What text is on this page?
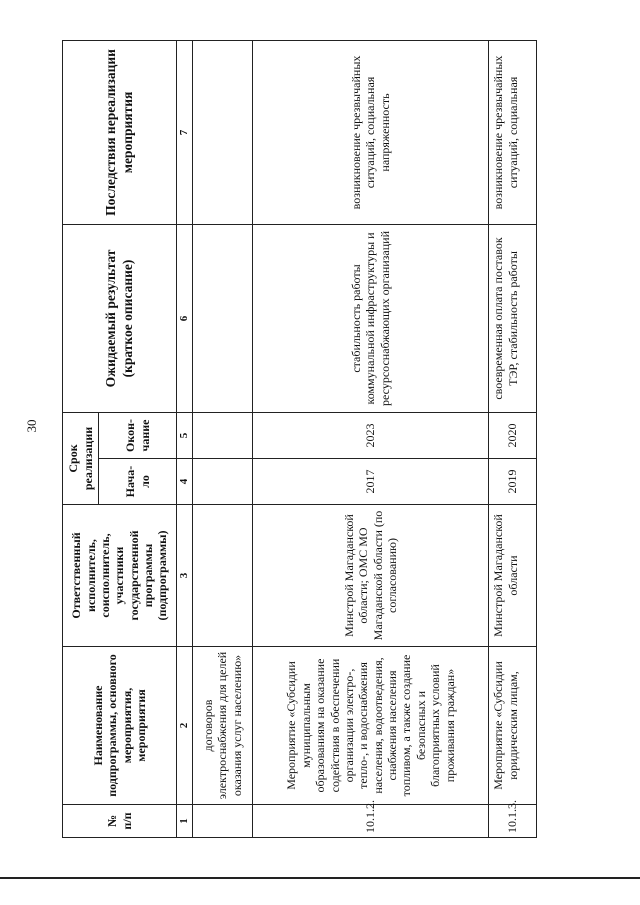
30
№ п/п	Наименование подпрограммы, основного мероприятия, мероприятия	Ответственный исполнитель, соисполнитель, участники государственной программы (подпрограммы)	Срок реализации		Ожидаемый результат (краткое описание)	Последствия нереализации мероприятия
			Нача-ло	Окон-чание		
1	2	3	4	5	6	7
	договоров электроснабжения для целей оказания услуг населению»					
10.1.2.	Мероприятие «Субсидии муниципальным образованиям на оказание содействия в обеспечении организации электро-, тепло-, и водоснабжения населения, водоотведения, снабжения населения топливом, а также создание безопасных и благоприятных условий проживания граждан»	Минстрой Магаданской области; ОМС МО Магаданской области (по согласованию)	2017	2023	стабильность работы коммунальной инфраструктуры и ресурсоснабжающих организаций	возникновение чрезвычайных ситуаций, социальная напряженность
10.1.3.	Мероприятие «Субсидии юридическим лицам,	Минстрой Магаданской области	2019	2020	своевременная оплата поставок ТЭР, стабильность работы	возникновение чрезвычайных ситуаций, социальная
